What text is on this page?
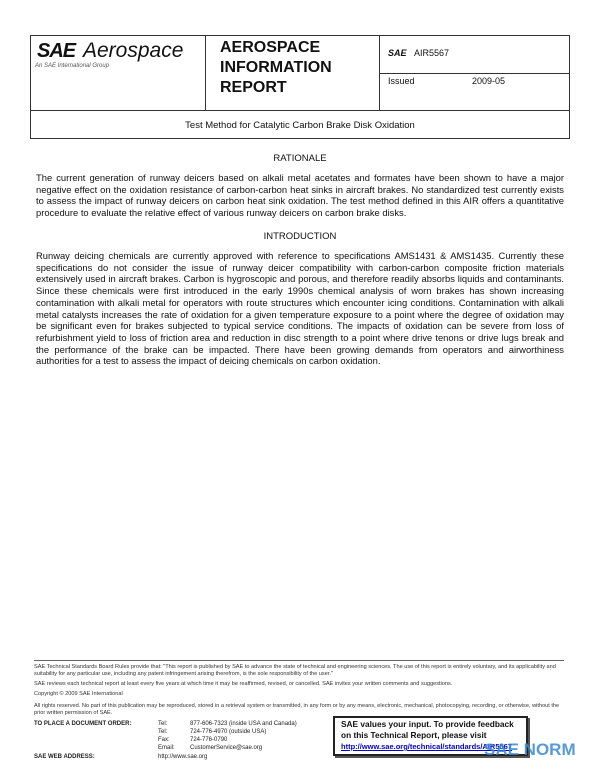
SAE Aerospace
An SAE International Group
AEROSPACE
INFORMATION
REPORT
SAE AIR5567
Issued	2009-05
Test Method for Catalytic Carbon Brake Disk Oxidation
RATIONALE

The current generation of runway deicers based on alkali metal acetates and formates have been shown to have a major negative effect on the oxidation resistance of carbon-carbon heat sinks in aircraft brakes. No standardized test currently exists to assess the impact of runway deicers on carbon heat sink oxidation. The test method defined in this AIR offers a quantitative procedure to evaluate the relative effect of various runway deicers on carbon brake disks.

INTRODUCTION

Runway deicing chemicals are currently approved with reference to specifications AMS1431 & AMS1435. Currently these specifications do not consider the issue of runway deicer compatibility with carbon-carbon composite friction materials extensively used in aircraft brakes. Carbon is hygroscopic and porous, and therefore readily absorbs liquids and contaminants. Since these chemicals were first introduced in the early 1990s chemical analysis of worn brakes has shown increasing contamination with alkali metal for operators with route structures which encounter icing conditions. Contamination with alkali metal catalysts increases the rate of oxidation for a given temperature exposure to a point where the degree of oxidation may be significant even for brakes subjected to typical service conditions. The impacts of oxidation can be severe from loss of refurbishment yield to loss of friction area and reduction in disc strength to a point where drive tenons or drive lugs break and the performance of the brake can be impacted. There have been growing demands from operators and airworthiness authorities for a test to assess the impact of deicing chemicals on carbon oxidation.

SAE Technical Standards Board Rules provide that: "This report is published by SAE to advance the state of technical and engineering sciences. The use of this report is entirely voluntary, and its applicability and suitability for any particular use, including any patent infringement arising therefrom, is the sole responsibility of the user."

SAE reviews each technical report at least every five years at which time it may be reaffirmed, revised, or cancelled. SAE invites your written comments and suggestions.

Copyright © 2009 SAE International

All rights reserved. No part of this publication may be reproduced, stored in a retrieval system or transmitted, in any form or by any means, electronic, mechanical, photocopying, recording, or otherwise, without the prior written permission of SAE.

TO PLACE A DOCUMENT ORDER:	Tel:	877-606-7323 (inside USA and Canada)
Tel:	724-776-4970 (outside USA)
Fax:	724-776-0790
Email:	CustomerService@sae.org
SAE WEB ADDRESS:	http://www.sae.org
SAE values your input. To provide feedback
on this Technical Report, please visit
http://www.sae.org/technical/standards/AIR5567
SAE NORM
